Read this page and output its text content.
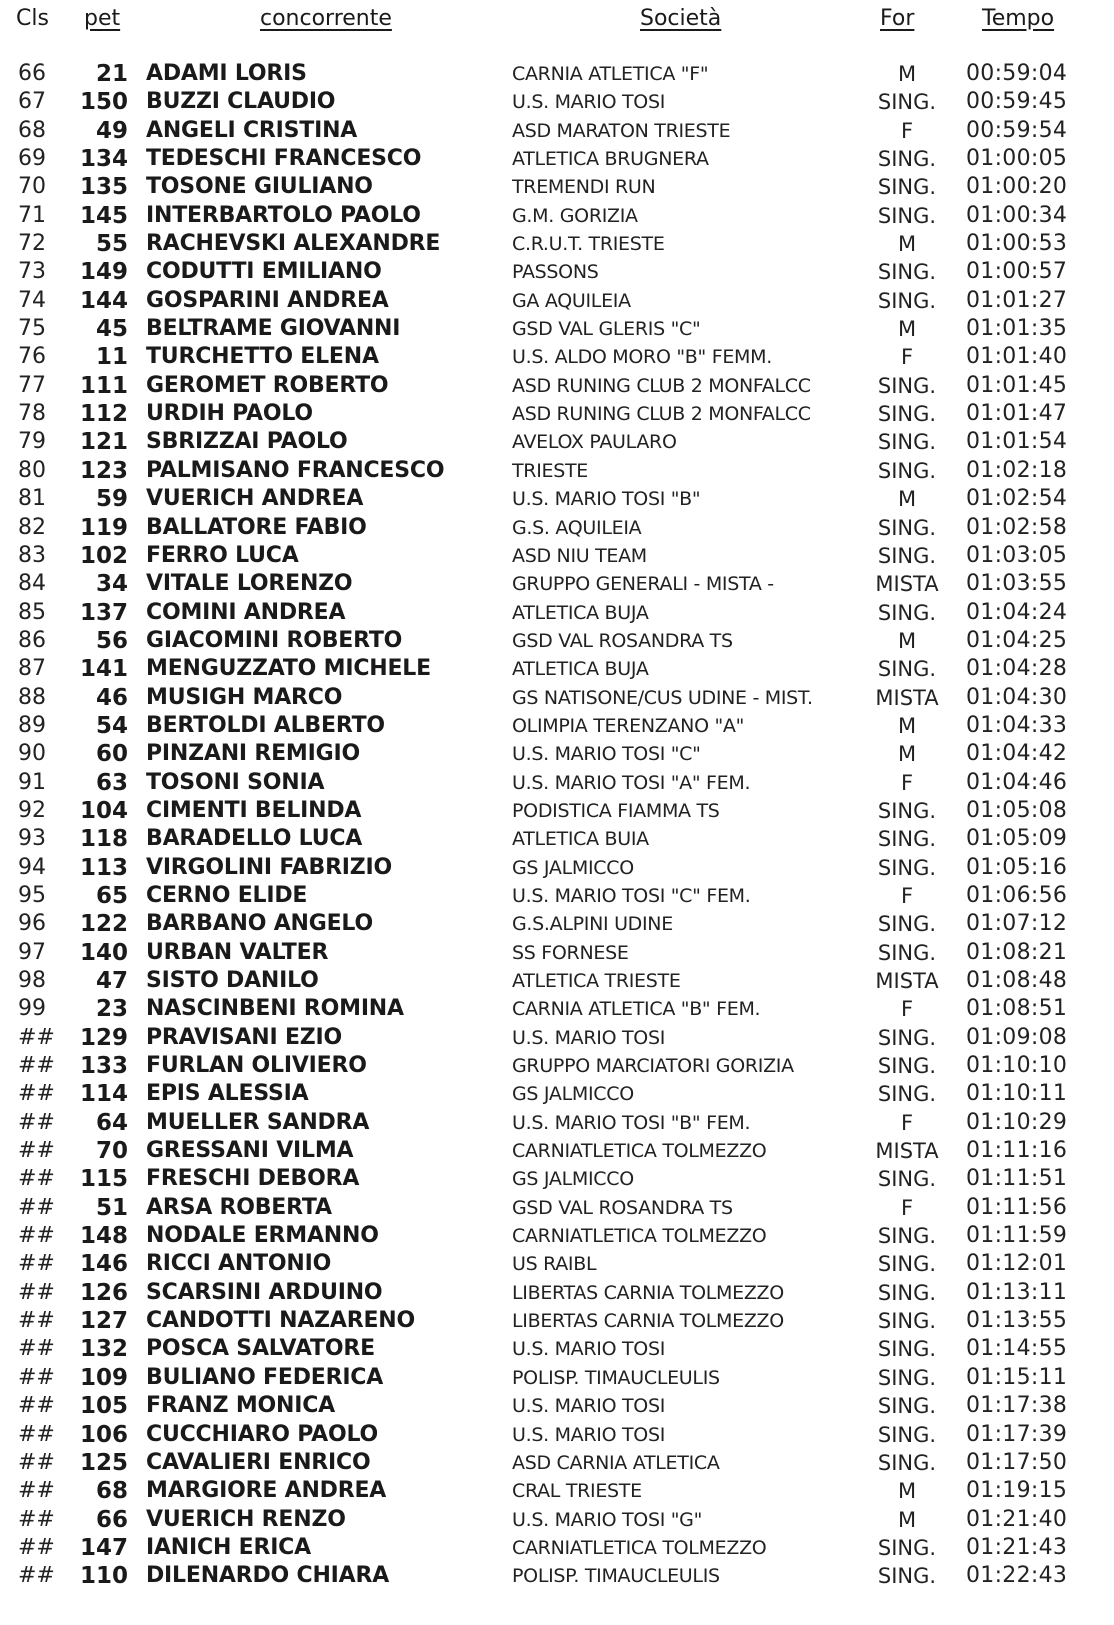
Cls	pet	concorrente	Società	For	Tempo
66	21 ADAMI LORIS	CARNIA ATLETICA "F"	M	00:59:04
67	150 BUZZI CLAUDIO	U.S. MARIO TOSI	SING.	00:59:45
68	49 ANGELI CRISTINA	ASD MARATON TRIESTE	F	00:59:54
69	134 TEDESCHI FRANCESCO	ATLETICA BRUGNERA	SING.	01:00:05
70	135 TOSONE GIULIANO	TREMENDI RUN	SING.	01:00:20
71	145 INTERBARTOLO PAOLO	G.M. GORIZIA	SING.	01:00:34
72	55 RACHEVSKI ALEXANDRE	C.R.U.T. TRIESTE	M	01:00:53
73	149 CODUTTI EMILIANO	PASSONS	SING.	01:00:57
74	144 GOSPARINI ANDREA	GA AQUILEIA	SING.	01:01:27
75	45 BELTRAME GIOVANNI	GSD VAL GLERIS "C"	M	01:01:35
76	11 TURCHETTO ELENA	U.S. ALDO MORO "B" FEMM.	F	01:01:40
77	111 GEROMET ROBERTO	ASD RUNING CLUB 2 MONFALCC	SING.	01:01:45
78	112 URDIH PAOLO	ASD RUNING CLUB 2 MONFALCC	SING.	01:01:47
79	121 SBRIZZAI PAOLO	AVELOX PAULARO	SING.	01:01:54
80	123 PALMISANO FRANCESCO	TRIESTE	SING.	01:02:18
81	59 VUERICH ANDREA	U.S. MARIO TOSI "B"	M	01:02:54
82	119 BALLATORE FABIO	G.S. AQUILEIA	SING.	01:02:58
83	102 FERRO LUCA	ASD NIU TEAM	SING.	01:03:05
84	34 VITALE LORENZO	GRUPPO GENERALI - MISTA -	MISTA	01:03:55
85	137 COMINI ANDREA	ATLETICA BUJA	SING.	01:04:24
86	56 GIACOMINI ROBERTO	GSD VAL ROSANDRA TS	M	01:04:25
87	141 MENGUZZATO MICHELE	ATLETICA BUJA	SING.	01:04:28
88	46 MUSIGH MARCO	GS NATISONE/CUS UDINE - MIST.	MISTA	01:04:30
89	54 BERTOLDI ALBERTO	OLIMPIA TERENZANO "A"	M	01:04:33
90	60 PINZANI REMIGIO	U.S. MARIO TOSI "C"	M	01:04:42
91	63 TOSONI SONIA	U.S. MARIO TOSI "A" FEM.	F	01:04:46
92	104 CIMENTI BELINDA	PODISTICA FIAMMA TS	SING.	01:05:08
93	118 BARADELLO LUCA	ATLETICA BUIA	SING.	01:05:09
94	113 VIRGOLINI FABRIZIO	GS JALMICCO	SING.	01:05:16
95	65 CERNO ELIDE	U.S. MARIO TOSI "C" FEM.	F	01:06:56
96	122 BARBANO ANGELO	G.S.ALPINI UDINE	SING.	01:07:12
97	140 URBAN VALTER	SS FORNESE	SING.	01:08:21
98	47 SISTO DANILO	ATLETICA TRIESTE	MISTA	01:08:48
99	23 NASCINBENI ROMINA	CARNIA ATLETICA "B" FEM.	F	01:08:51
##	129 PRAVISANI EZIO	U.S. MARIO TOSI	SING.	01:09:08
##	133 FURLAN OLIVIERO	GRUPPO MARCIATORI GORIZIA	SING.	01:10:10
##	114 EPIS ALESSIA	GS JALMICCO	SING.	01:10:11
##	64 MUELLER SANDRA	U.S. MARIO TOSI "B" FEM.	F	01:10:29
##	70 GRESSANI VILMA	CARNIATLETICA TOLMEZZO	MISTA	01:11:16
##	115 FRESCHI DEBORA	GS JALMICCO	SING.	01:11:51
##	51 ARSA ROBERTA	GSD VAL ROSANDRA TS	F	01:11:56
##	148 NODALE ERMANNO	CARNIATLETICA TOLMEZZO	SING.	01:11:59
##	146 RICCI ANTONIO	US RAIBL	SING.	01:12:01
##	126 SCARSINI ARDUINO	LIBERTAS CARNIA TOLMEZZO	SING.	01:13:11
##	127 CANDOTTI NAZARENO	LIBERTAS CARNIA TOLMEZZO	SING.	01:13:55
##	132 POSCA SALVATORE	U.S. MARIO TOSI	SING.	01:14:55
##	109 BULIANO FEDERICA	POLISP. TIMAUCLEULIS	SING.	01:15:11
##	105 FRANZ MONICA	U.S. MARIO TOSI	SING.	01:17:38
##	106 CUCCHIARO PAOLO	U.S. MARIO TOSI	SING.	01:17:39
##	125 CAVALIERI ENRICO	ASD CARNIA ATLETICA	SING.	01:17:50
##	68 MARGIORE ANDREA	CRAL TRIESTE	M	01:19:15
##	66 VUERICH RENZO	U.S. MARIO TOSI "G"	M	01:21:40
##	147 IANICH ERICA	CARNIATLETICA TOLMEZZO	SING.	01:21:43
##	110 DILENARDO CHIARA	POLISP. TIMAUCLEULIS	SING.	01:22:43
